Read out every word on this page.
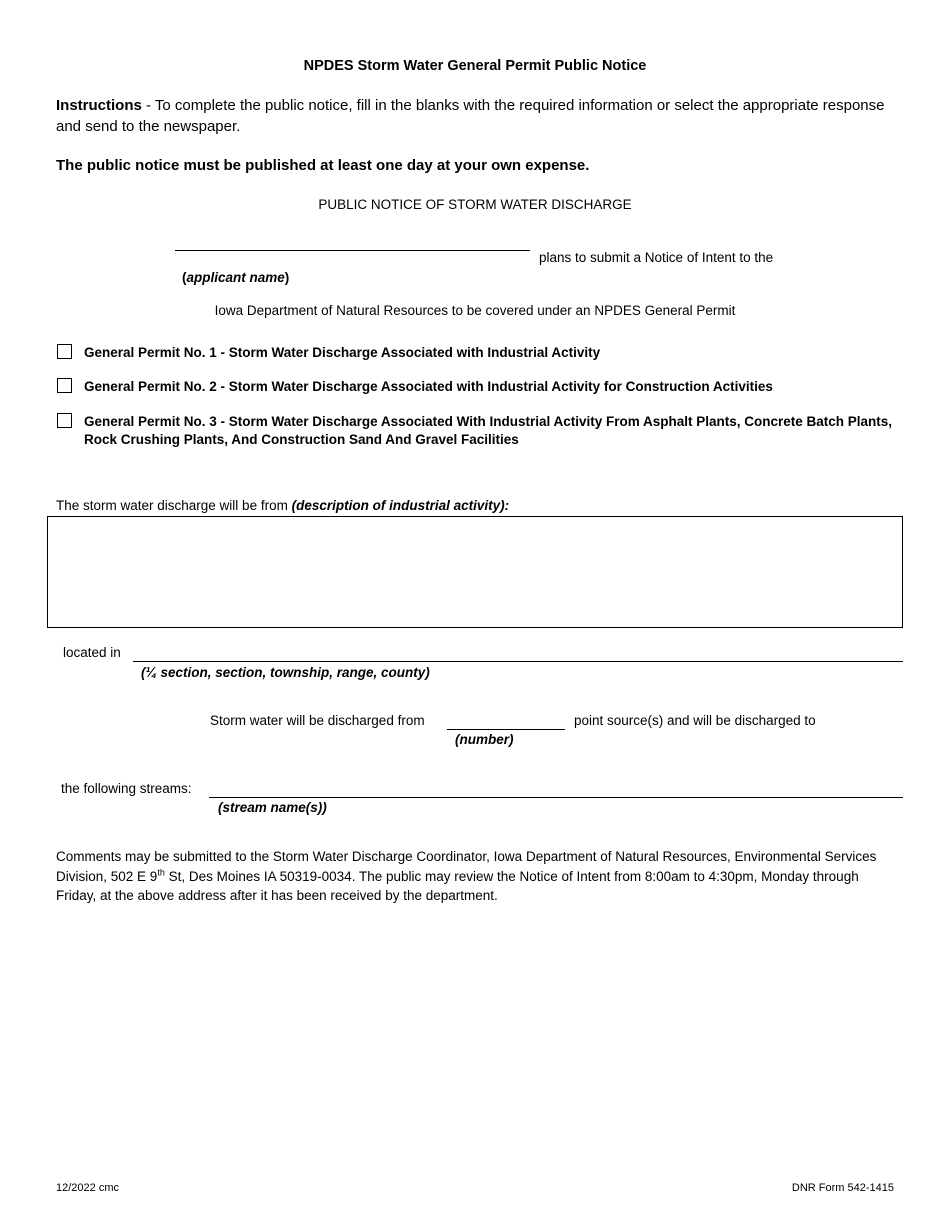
NPDES Storm Water General Permit Public Notice
Instructions - To complete the public notice, fill in the blanks with the required information or select the appropriate response and send to the newspaper.
The public notice must be published at least one day at your own expense.
PUBLIC NOTICE OF STORM WATER DISCHARGE
plans to submit a Notice of Intent to the
(applicant name)
Iowa Department of Natural Resources to be covered under an NPDES General Permit
General Permit No. 1 - Storm Water Discharge Associated with Industrial Activity
General Permit No. 2 - Storm Water Discharge Associated with Industrial Activity for Construction Activities
General Permit No. 3 - Storm Water Discharge Associated With Industrial Activity From Asphalt Plants, Concrete Batch Plants, Rock Crushing Plants, And Construction Sand And Gravel Facilities
The storm water discharge will be from (description of industrial activity):
located in
(¼ section, section, township, range, county)
Storm water will be discharged from	point source(s) and will be discharged to
(number)
the following streams:
(stream name(s))
Comments may be submitted to the Storm Water Discharge Coordinator, Iowa Department of Natural Resources, Environmental Services Division, 502 E 9th St, Des Moines IA 50319-0034. The public may review the Notice of Intent from 8:00am to 4:30pm, Monday through Friday, at the above address after it has been received by the department.
12/2022 cmc	DNR Form 542-1415
